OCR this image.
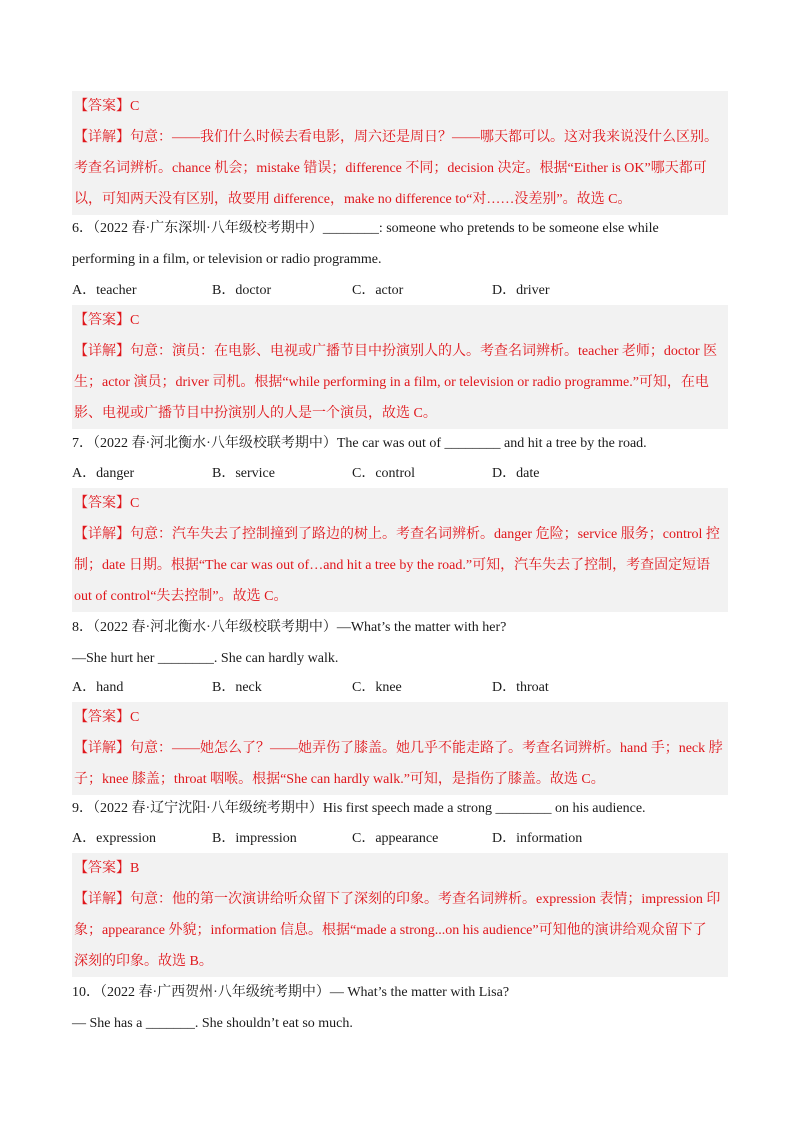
【答案】C
【详解】句意：——我们什么时候去看电影，周六还是周日？——哪天都可以。这对我来说没什么区别。
考查名词辨析。chance 机会；mistake 错误；difference 不同；decision 决定。根据“Either is OK”哪天都可
以，可知两天没有区别，故要用 difference，make no difference to“对……没差别”。故选 C。
6．（2022 春·广东深圳·八年级校考期中）________: someone who pretends to be someone else while
performing in a film, or television or radio programme.
A．teacher	B．doctor	C．actor	D．driver
【答案】C
【详解】句意：演员：在电影、电视或广播节目中扮演别人的人。考查名词辨析。teacher 老师；doctor 医
生；actor 演员；driver 司机。根据“while performing in a film, or television or radio programme.”可知，在电
影、电视或广播节目中扮演别人的人是一个演员，故选 C。
7．（2022 春·河北衡水·八年级校联考期中）The car was out of ________ and hit a tree by the road.
A．danger	B．service	C．control	D．date
【答案】C
【详解】句意：汽车失去了控制撞到了路边的树上。考查名词辨析。danger 危险；service 服务；control 控
制；date 日期。根据“The car was out of…and hit a tree by the road.”可知，汽车失去了控制，考查固定短语
out of control“失去控制”。故选 C。
8．（2022 春·河北衡水·八年级校联考期中）—What’s the matter with her?
—She hurt her ________. She can hardly walk.
A．hand	B．neck	C．knee	D．throat
【答案】C
【详解】句意：——她怎么了？——她弄伤了膝盖。她几乎不能走路了。考查名词辨析。hand 手；neck 脖
子；knee 膝盖；throat 咽喉。根据“She can hardly walk.”可知，是指伤了膝盖。故选 C。
9．（2022 春·辽宁沈阳·八年级统考期中）His first speech made a strong ________ on his audience.
A．expression	B．impression	C．appearance	D．information
【答案】B
【详解】句意：他的第一次演讲给听众留下了深刻的印象。考查名词辨析。expression 表情；impression 印
象；appearance 外貌；information 信息。根据“made a strong...on his audience”可知他的演讲给观众留下了
深刻的印象。故选 B。
10．（2022 春·广西贺州·八年级统考期中）— What’s the matter with Lisa?
— She has a _______. She shouldn’t eat so much.
